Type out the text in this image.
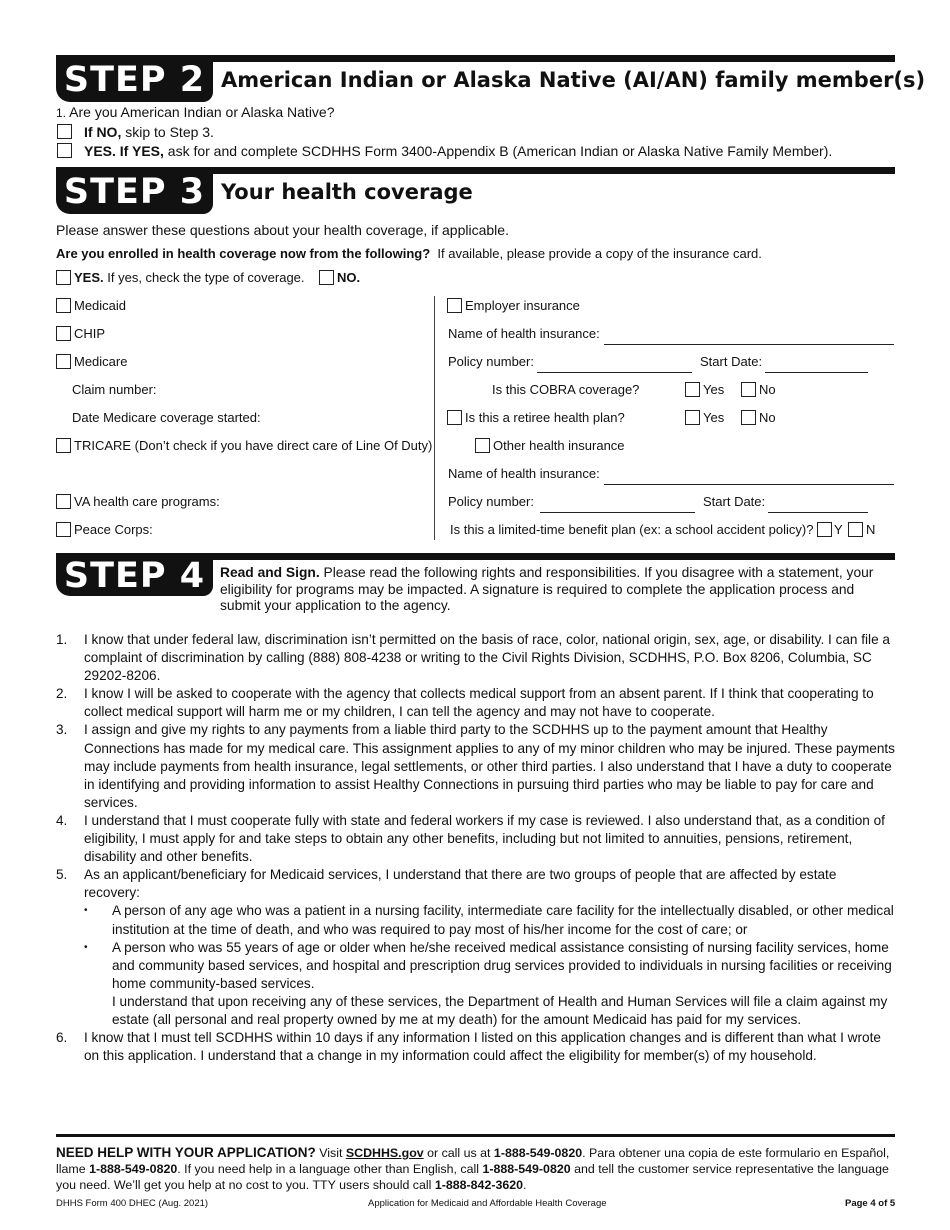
STEP 2 American Indian or Alaska Native (AI/AN) family member(s)
1. Are you American Indian or Alaska Native?
If NO, skip to Step 3.
YES. If YES, ask for and complete SCDHHS Form 3400-Appendix B (American Indian or Alaska Native Family Member).
STEP 3 Your health coverage
Please answer these questions about your health coverage, if applicable.
Are you enrolled in health coverage now from the following? If available, please provide a copy of the insurance card.
YES. If yes, check the type of coverage. NO.
Medicaid
CHIP
Medicare
Claim number:
Date Medicare coverage started:
TRICARE (Don’t check if you have direct care of Line Of Duty)
VA health care programs:
Peace Corps:
Employer insurance
Name of health insurance:
Policy number:	Start Date:
Is this COBRA coverage?	Yes	No
Is this a retiree health plan?	Yes	No
Other health insurance
Name of health insurance:
Policy number:	Start Date:
Is this a limited-time benefit plan (ex: a school accident policy)? Y N
STEP 4	Read and Sign. Please read the following rights and responsibilities. If you disagree with a statement, your eligibility for programs may be impacted. A signature is required to complete the application process and submit your application to the agency.
1.	I know that under federal law, discrimination isn’t permitted on the basis of race, color, national origin, sex, age, or disability. I can file a complaint of discrimination by calling (888) 808-4238 or writing to the Civil Rights Division, SCDHHS, P.O. Box 8206, Columbia, SC 29202-8206.
2.	I know I will be asked to cooperate with the agency that collects medical support from an absent parent. If I think that cooperating to collect medical support will harm me or my children, I can tell the agency and may not have to cooperate.
3.	I assign and give my rights to any payments from a liable third party to the SCDHHS up to the payment amount that Healthy Connections has made for my medical care. This assignment applies to any of my minor children who may be injured. These payments may include payments from health insurance, legal settlements, or other third parties. I also understand that I have a duty to cooperate in identifying and providing information to assist Healthy Connections in pursuing third parties who may be liable to pay for care and services.
4.	I understand that I must cooperate fully with state and federal workers if my case is reviewed. I also understand that, as a condition of eligibility, I must apply for and take steps to obtain any other benefits, including but not limited to annuities, pensions, retirement, disability and other benefits.
5.	As an applicant/beneficiary for Medicaid services, I understand that there are two groups of people that are affected by estate recovery:
•	A person of any age who was a patient in a nursing facility, intermediate care facility for the intellectually disabled, or other medical institution at the time of death, and who was required to pay most of his/her income for the cost of care; or
•	A person who was 55 years of age or older when he/she received medical assistance consisting of nursing facility services, home and community based services, and hospital and prescription drug services provided to individuals in nursing facilities or receiving home community-based services.
I understand that upon receiving any of these services, the Department of Health and Human Services will file a claim against my estate (all personal and real property owned by me at my death) for the amount Medicaid has paid for my services.
6.	I know that I must tell SCDHHS within 10 days if any information I listed on this application changes and is different than what I wrote on this application. I understand that a change in my information could affect the eligibility for member(s) of my household.
NEED HELP WITH YOUR APPLICATION? Visit SCDHHS.gov or call us at 1-888-549-0820. Para obtener una copia de este formulario en Español, llame 1-888-549-0820. If you need help in a language other than English, call 1-888-549-0820 and tell the customer service representative the language you need. We’ll get you help at no cost to you. TTY users should call 1-888-842-3620.
DHHS Form 400 DHEC (Aug. 2021)	Application for Medicaid and Affordable Health Coverage	Page 4 of 5
